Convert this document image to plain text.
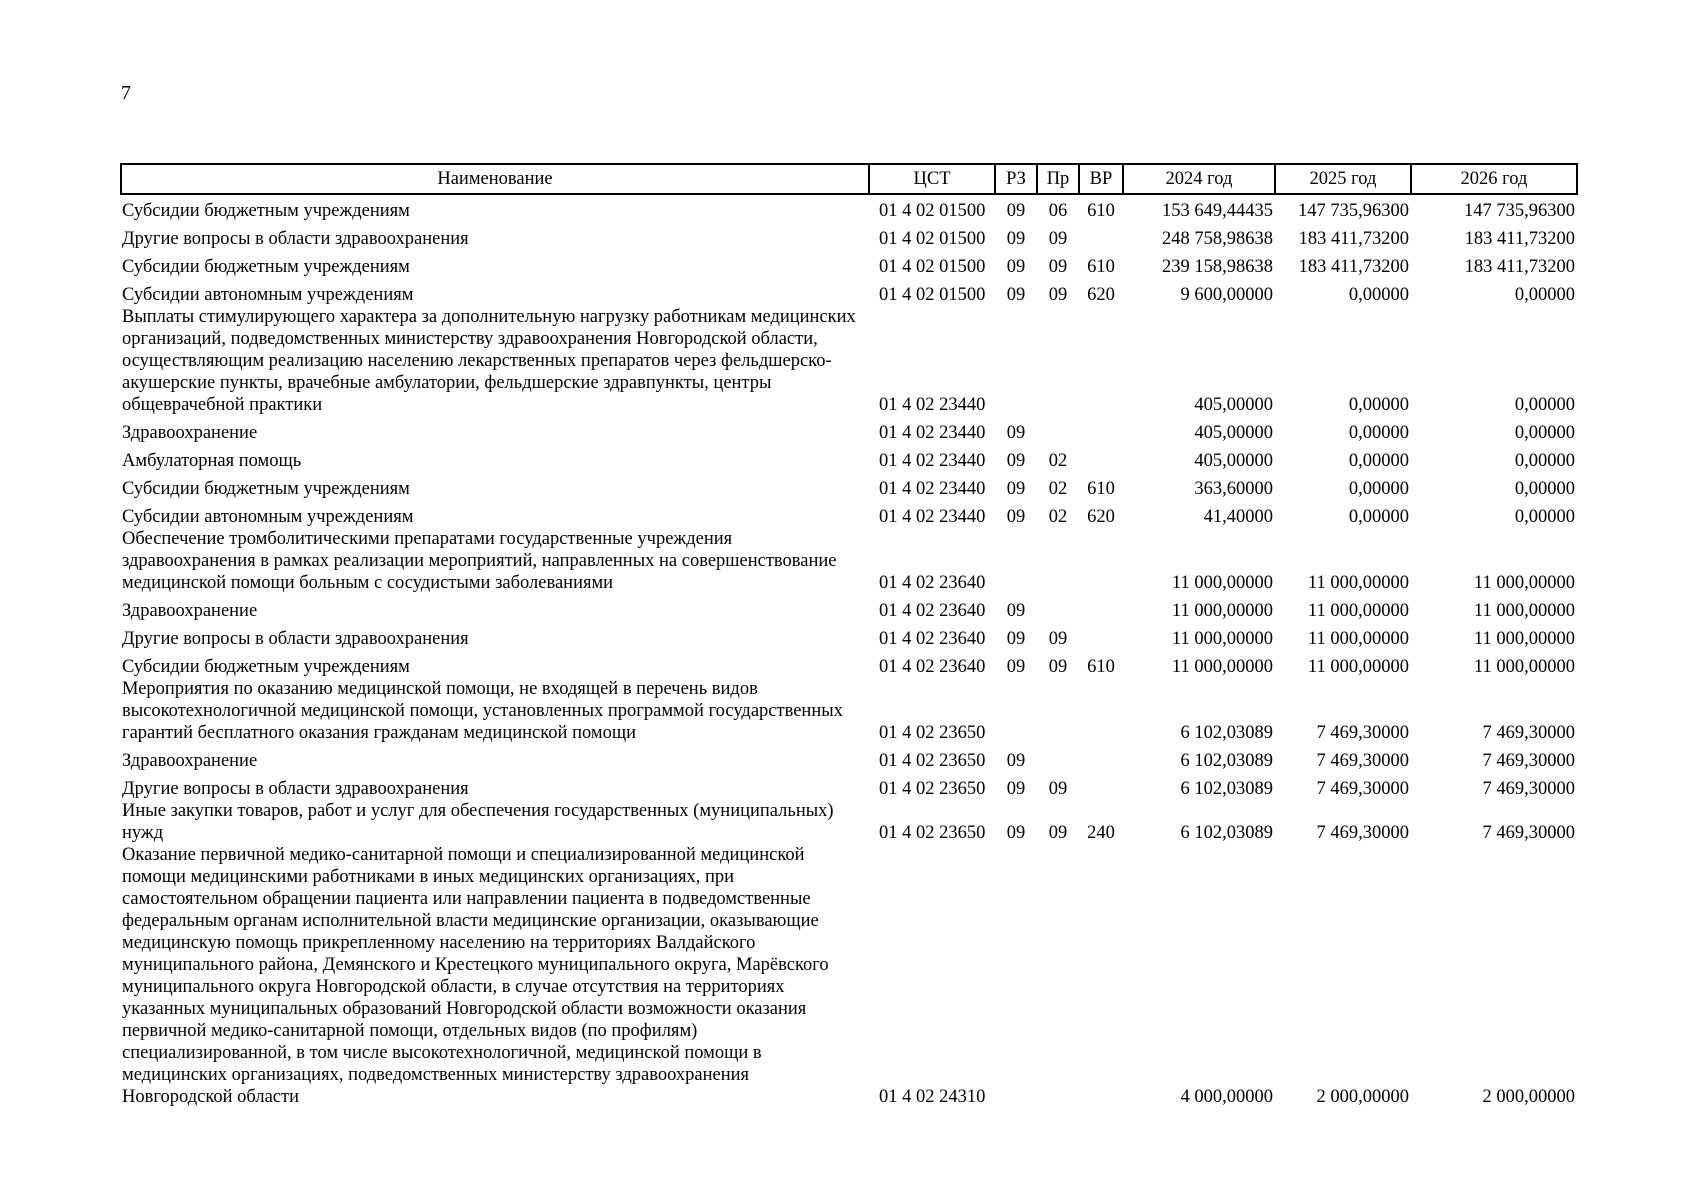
7
Наименование	ЦСТ	РЗ	Пр	ВР	2024 год	2025 год	2026 год
Субсидии бюджетным учреждениям	01 4 02 01500	09	06	610	153 649,44435	147 735,96300	147 735,96300
Другие вопросы в области здравоохранения	01 4 02 01500	09	09		248 758,98638	183 411,73200	183 411,73200
Субсидии бюджетным учреждениям	01 4 02 01500	09	09	610	239 158,98638	183 411,73200	183 411,73200
Субсидии автономным учреждениям	01 4 02 01500	09	09	620	9 600,00000	0,00000	0,00000
Выплаты стимулирующего характера за дополнительную нагрузку работникам медицинских организаций, подведомственных министерству здравоохранения Новгородской области, осуществляющим реализацию населению лекарственных препаратов через фельдшерско-акушерские пункты, врачебные амбулатории, фельдшерские здравпункты, центры общеврачебной практики	01 4 02 23440				405,00000	0,00000	0,00000
Здравоохранение	01 4 02 23440	09			405,00000	0,00000	0,00000
Амбулаторная помощь	01 4 02 23440	09	02		405,00000	0,00000	0,00000
Субсидии бюджетным учреждениям	01 4 02 23440	09	02	610	363,60000	0,00000	0,00000
Субсидии автономным учреждениям	01 4 02 23440	09	02	620	41,40000	0,00000	0,00000
Обеспечение тромболитическими препаратами государственные учреждения здравоохранения в рамках реализации мероприятий, направленных на совершенствование медицинской помощи больным с сосудистыми заболеваниями	01 4 02 23640				11 000,00000	11 000,00000	11 000,00000
Здравоохранение	01 4 02 23640	09			11 000,00000	11 000,00000	11 000,00000
Другие вопросы в области здравоохранения	01 4 02 23640	09	09		11 000,00000	11 000,00000	11 000,00000
Субсидии бюджетным учреждениям	01 4 02 23640	09	09	610	11 000,00000	11 000,00000	11 000,00000
Мероприятия по оказанию медицинской помощи, не входящей в перечень видов высокотехнологичной медицинской помощи, установленных программой государственных гарантий бесплатного оказания гражданам медицинской помощи	01 4 02 23650				6 102,03089	7 469,30000	7 469,30000
Здравоохранение	01 4 02 23650	09			6 102,03089	7 469,30000	7 469,30000
Другие вопросы в области здравоохранения	01 4 02 23650	09	09		6 102,03089	7 469,30000	7 469,30000
Иные закупки товаров, работ и услуг для обеспечения государственных (муниципальных) нужд	01 4 02 23650	09	09	240	6 102,03089	7 469,30000	7 469,30000
Оказание первичной медико-санитарной помощи и специализированной медицинской помощи медицинскими работниками в иных медицинских организациях, при самостоятельном обращении пациента или направлении пациента в подведомственные федеральным органам исполнительной власти медицинские организации, оказывающие медицинскую помощь прикрепленному населению на территориях Валдайского муниципального района, Демянского и Крестецкого муниципального округа, Марёвского муниципального округа Новгородской области, в случае отсутствия на территориях указанных муниципальных образований Новгородской области возможности оказания первичной медико-санитарной помощи, отдельных видов (по профилям) специализированной, в том числе высокотехнологичной, медицинской помощи в медицинских организациях, подведомственных министерству здравоохранения Новгородской области	01 4 02 24310				4 000,00000	2 000,00000	2 000,00000
